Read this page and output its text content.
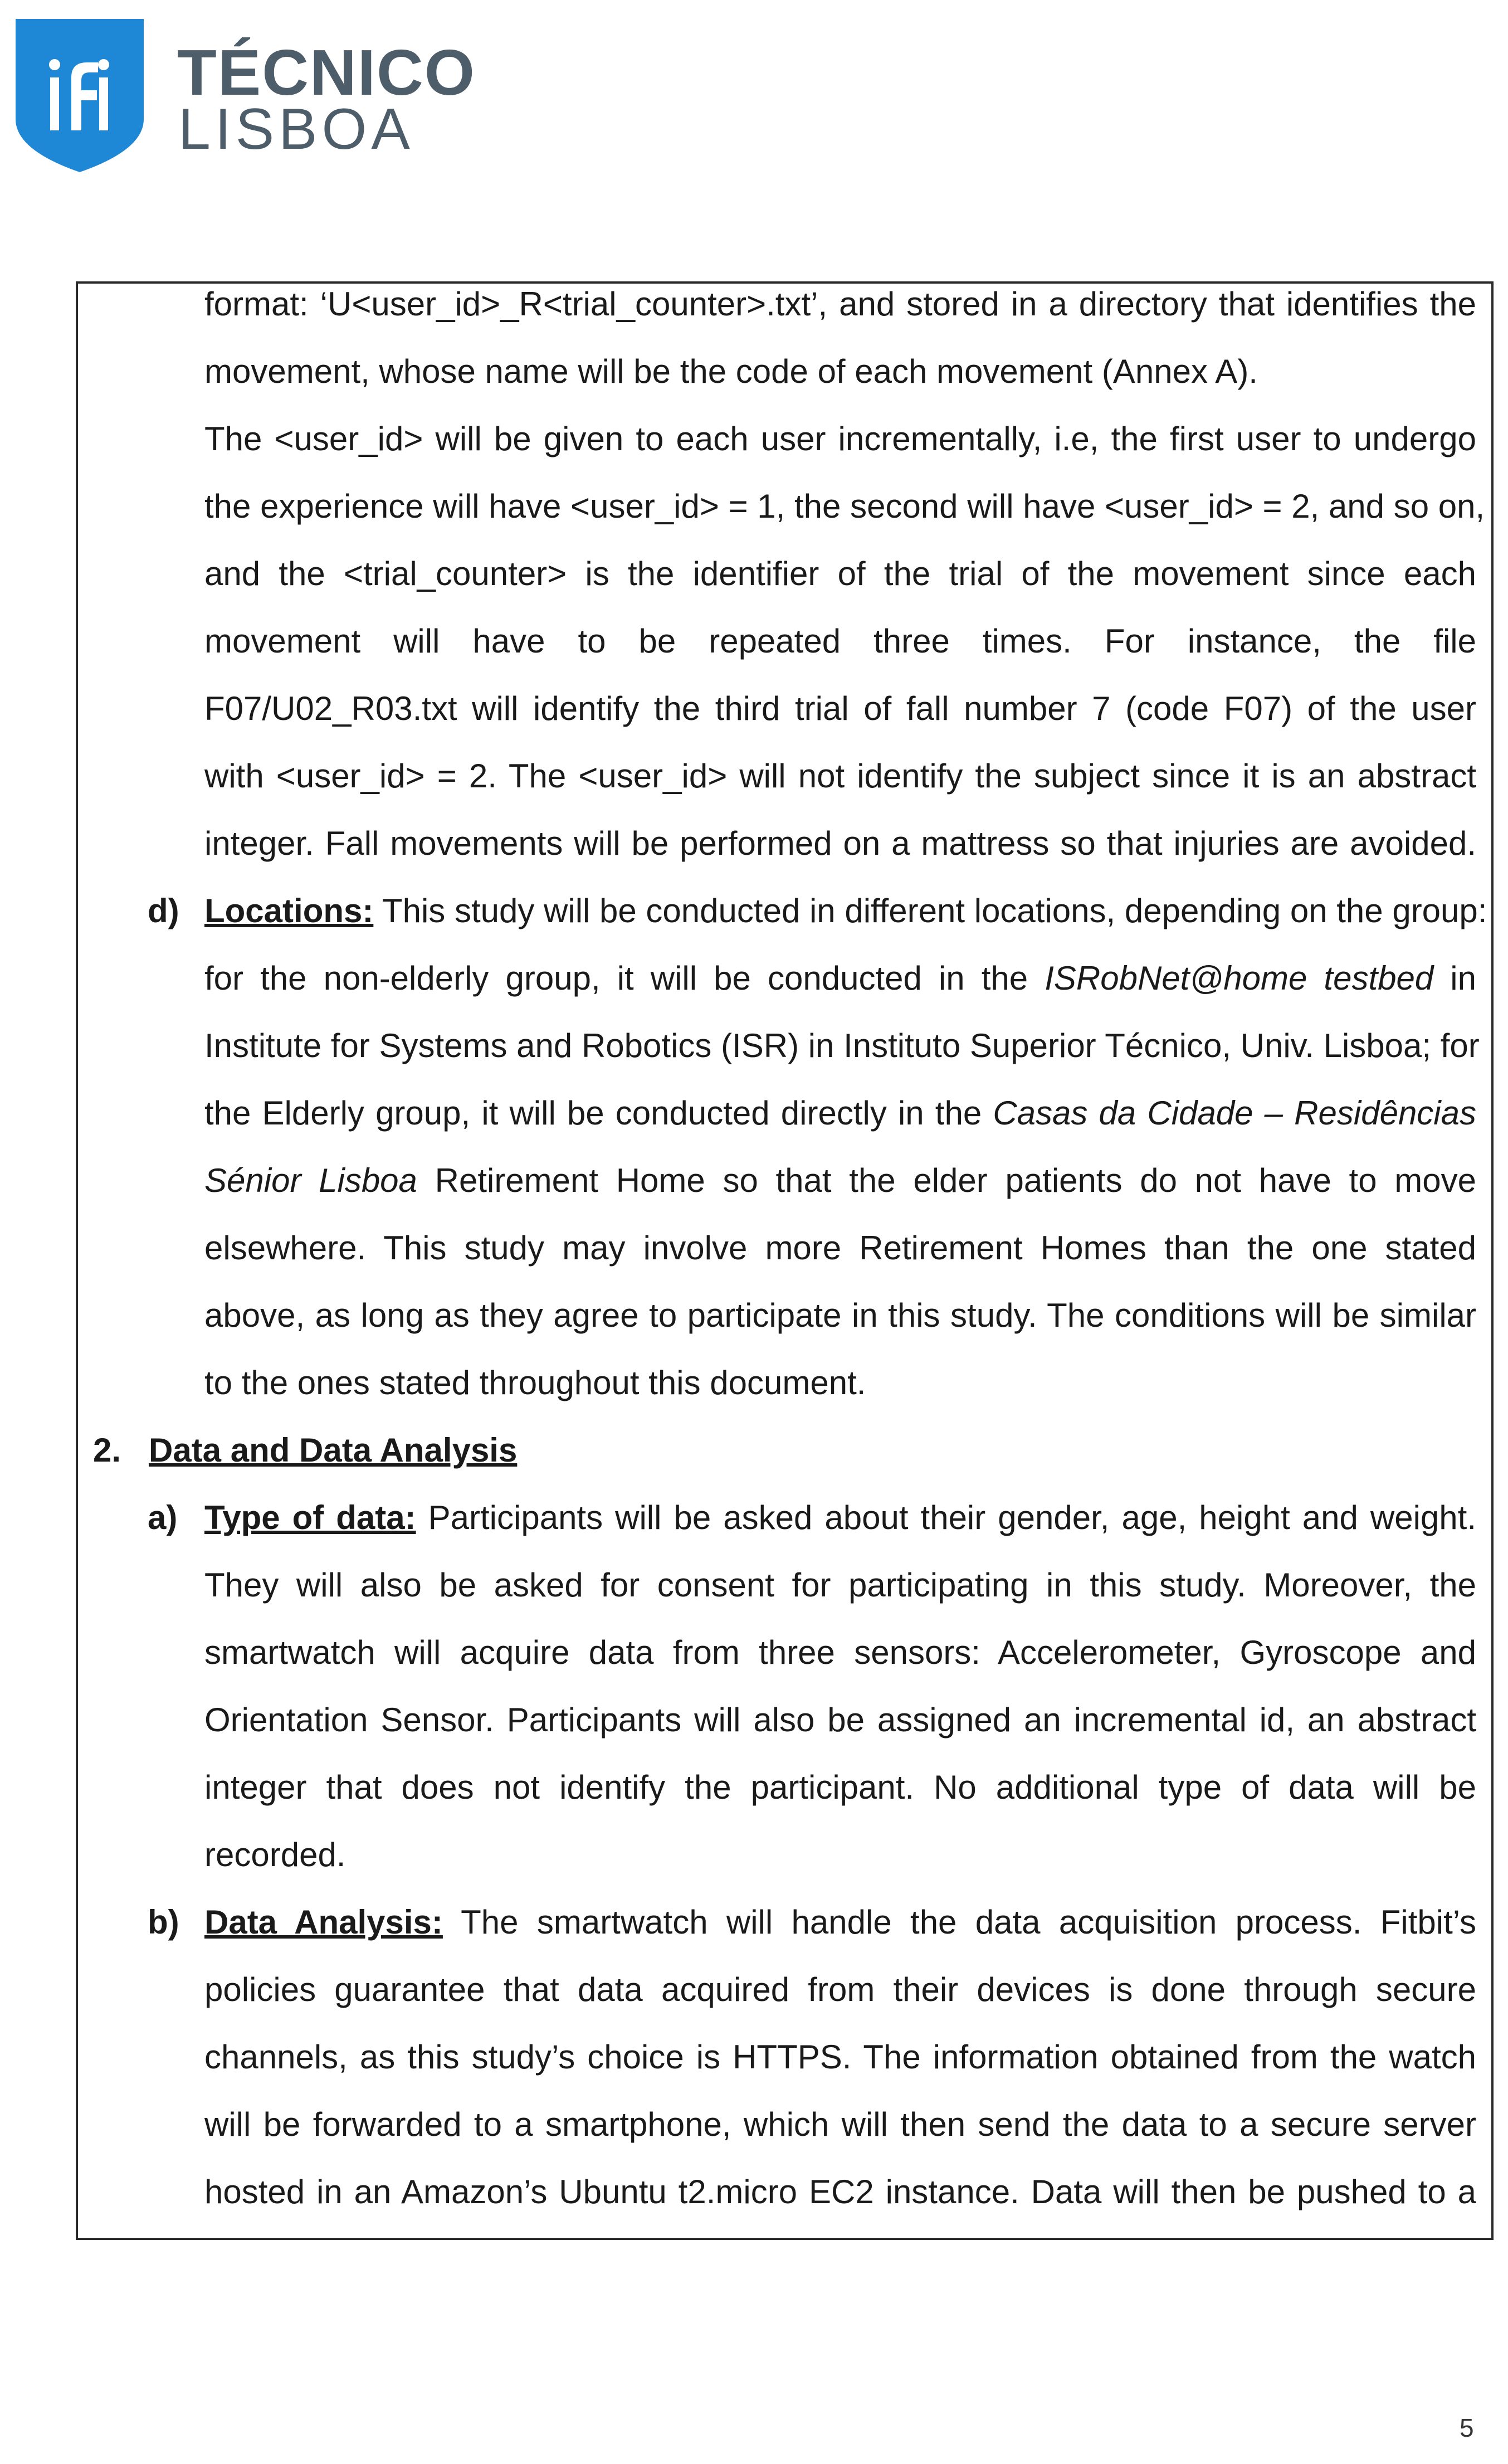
TÉCNICO
LISBOA
format: ‘U<user_id>_R<trial_counter>.txt’, and stored in a directory that identifies the
movement, whose name will be the code of each movement (Annex A).
The <user_id> will be given to each user incrementally, i.e, the first user to undergo
the experience will have <user_id> = 1, the second will have <user_id> = 2, and so on,
and the <trial_counter> is the identifier of the trial of the movement since each
movement will have to be repeated three times. For instance, the file
F07/U02_R03.txt will identify the third trial of fall number 7 (code F07) of the user
with <user_id> = 2. The <user_id> will not identify the subject since it is an abstract
integer. Fall movements will be performed on a mattress so that injuries are avoided.
d) Locations: This study will be conducted in different locations, depending on the group:
for the non-elderly group, it will be conducted in the ISRobNet@home testbed in
Institute for Systems and Robotics (ISR) in Instituto Superior Técnico, Univ. Lisboa; for
the Elderly group, it will be conducted directly in the Casas da Cidade – Residências
Sénior Lisboa Retirement Home so that the elder patients do not have to move
elsewhere. This study may involve more Retirement Homes than the one stated
above, as long as they agree to participate in this study. The conditions will be similar
to the ones stated throughout this document.
2. Data and Data Analysis
a) Type of data: Participants will be asked about their gender, age, height and weight.
They will also be asked for consent for participating in this study. Moreover, the
smartwatch will acquire data from three sensors: Accelerometer, Gyroscope and
Orientation Sensor. Participants will also be assigned an incremental id, an abstract
integer that does not identify the participant. No additional type of data will be
recorded.
b) Data Analysis: The smartwatch will handle the data acquisition process. Fitbit’s
policies guarantee that data acquired from their devices is done through secure
channels, as this study’s choice is HTTPS. The information obtained from the watch
will be forwarded to a smartphone, which will then send the data to a secure server
hosted in an Amazon’s Ubuntu t2.micro EC2 instance. Data will then be pushed to a
5
